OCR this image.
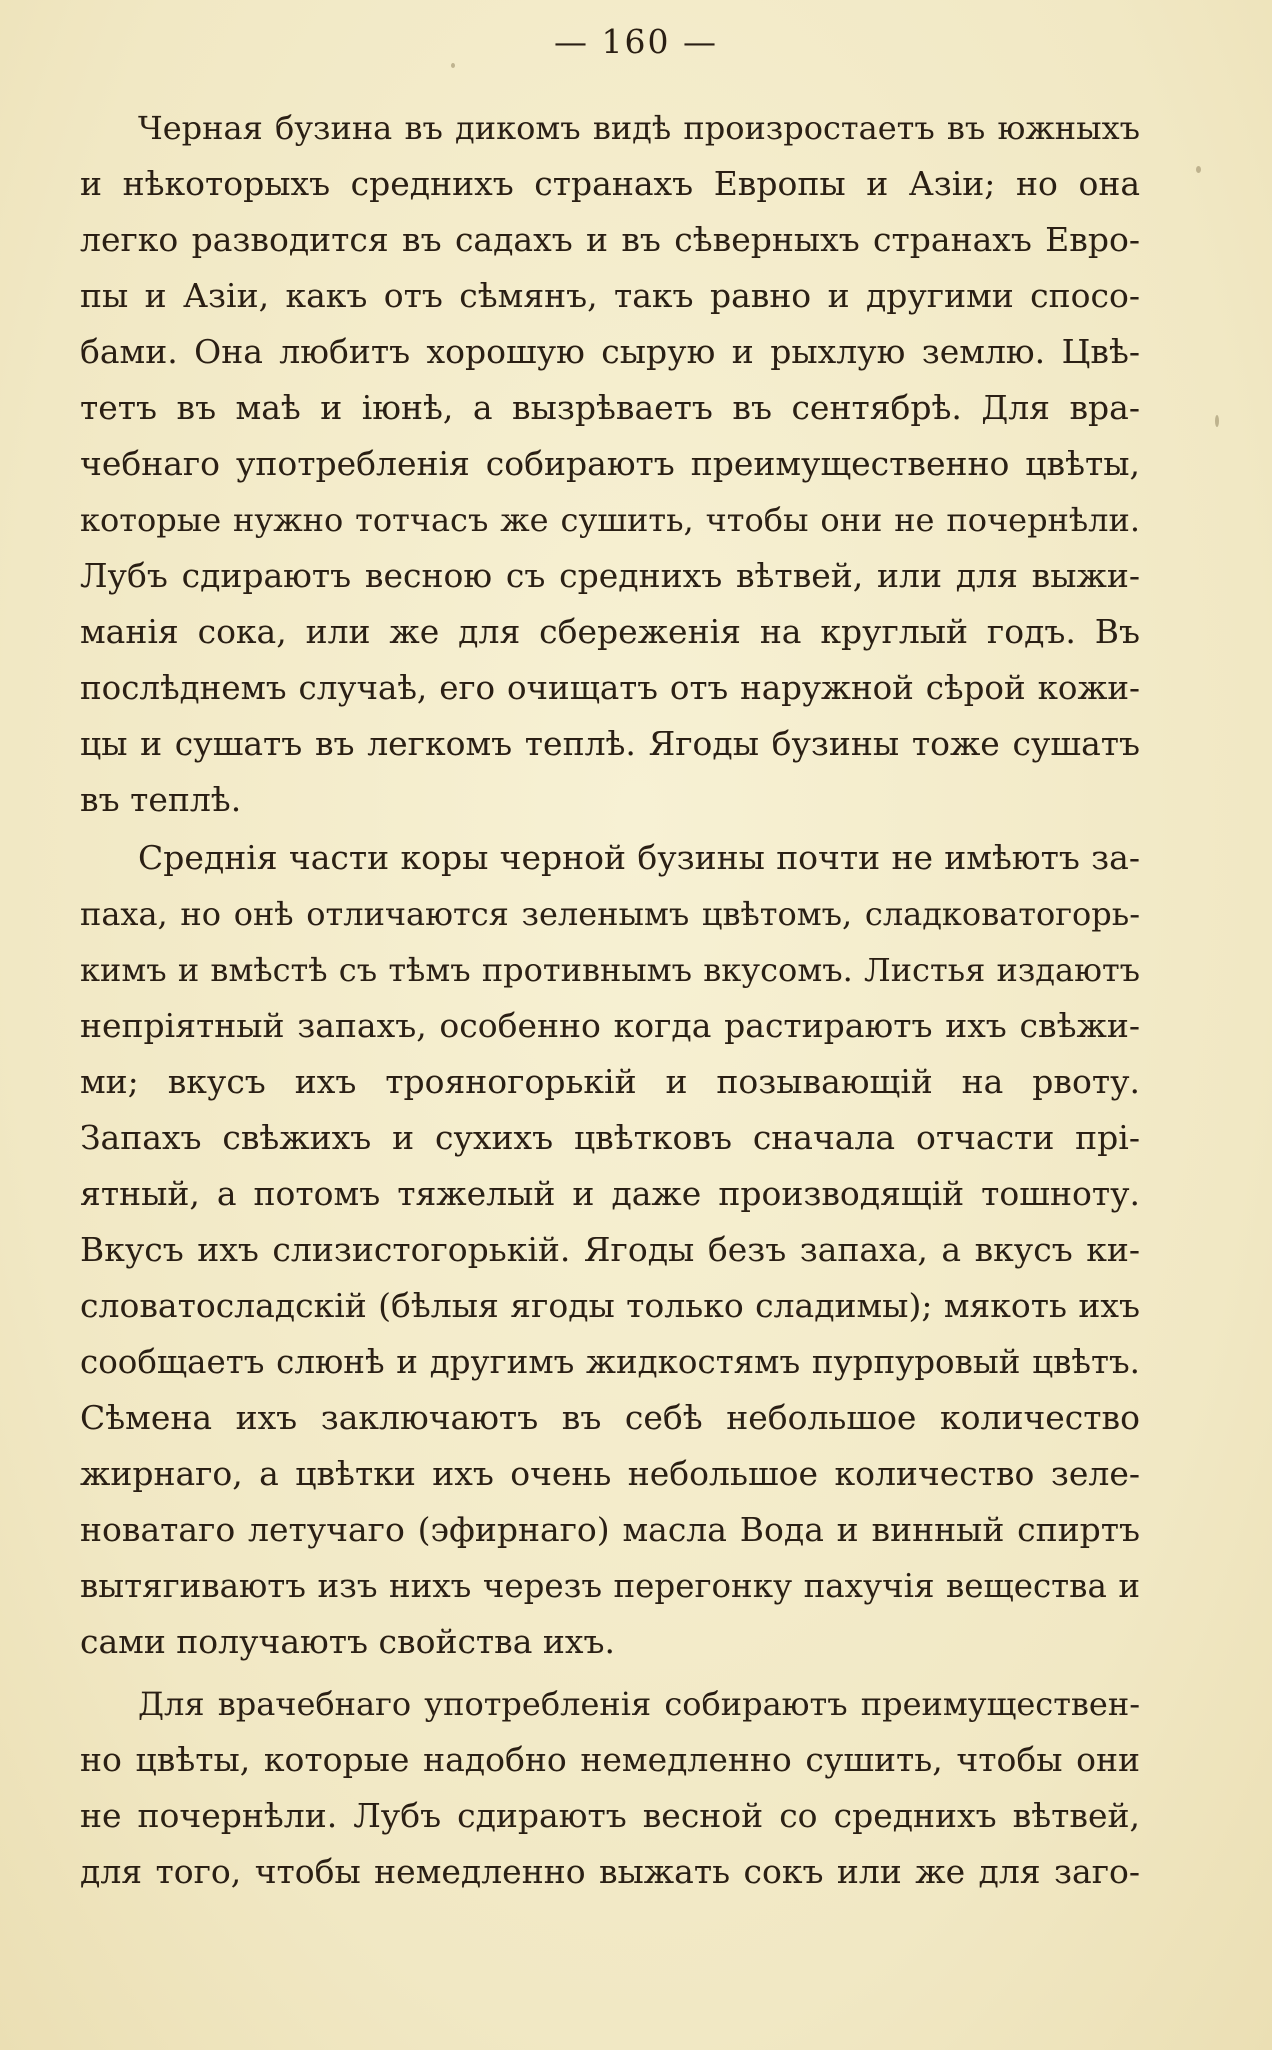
— 160 —
Черная бузина въ дикомъ видѣ произростаетъ въ южныхъ
и нѣкоторыхъ среднихъ странахъ Европы и Азіи; но она
легко разводится въ садахъ и въ сѣверныхъ странахъ Евро-
пы и Азіи, какъ отъ сѣмянъ, такъ равно и другими спосо-
бами. Она любитъ хорошую сырую и рыхлую землю. Цвѣ-
тетъ въ маѣ и іюнѣ, а вызрѣваетъ въ сентябрѣ. Для вра-
чебнаго употребленія собираютъ преимущественно цвѣты,
которые нужно тотчасъ же сушить, чтобы они не почернѣли.
Лубъ сдираютъ весною съ среднихъ вѣтвей, или для выжи-
манія сока, или же для сбереженія на круглый годъ. Въ
послѣднемъ случаѣ, его очищатъ отъ наружной сѣрой кожи-
цы и сушатъ въ легкомъ теплѣ. Ягоды бузины тоже сушатъ
въ теплѣ.
Среднія части коры черной бузины почти не имѣютъ за-
паха, но онѣ отличаются зеленымъ цвѣтомъ, сладковатогорь-
кимъ и вмѣстѣ съ тѣмъ противнымъ вкусомъ. Листья издаютъ
непріятный запахъ, особенно когда растираютъ ихъ свѣжи-
ми; вкусъ ихъ трояногорькій и позывающій на рвоту.
Запахъ свѣжихъ и сухихъ цвѣтковъ сначала отчасти прі-
ятный, а потомъ тяжелый и даже производящій тошноту.
Вкусъ ихъ слизистогорькій. Ягоды безъ запаха, а вкусъ ки-
словатосладскій (бѣлыя ягоды только сладимы); мякоть ихъ
сообщаетъ слюнѣ и другимъ жидкостямъ пурпуровый цвѣтъ.
Сѣмена ихъ заключаютъ въ себѣ небольшое количество
жирнаго, а цвѣтки ихъ очень небольшое количество зеле-
новатаго летучаго (эфирнаго) масла Вода и винный спиртъ
вытягиваютъ изъ нихъ черезъ перегонку пахучія вещества и
сами получаютъ свойства ихъ.
Для врачебнаго употребленія собираютъ преимуществен-
но цвѣты, которые надобно немедленно сушить, чтобы они
не почернѣли. Лубъ сдираютъ весной со среднихъ вѣтвей,
для того, чтобы немедленно выжать сокъ или же для заго-
